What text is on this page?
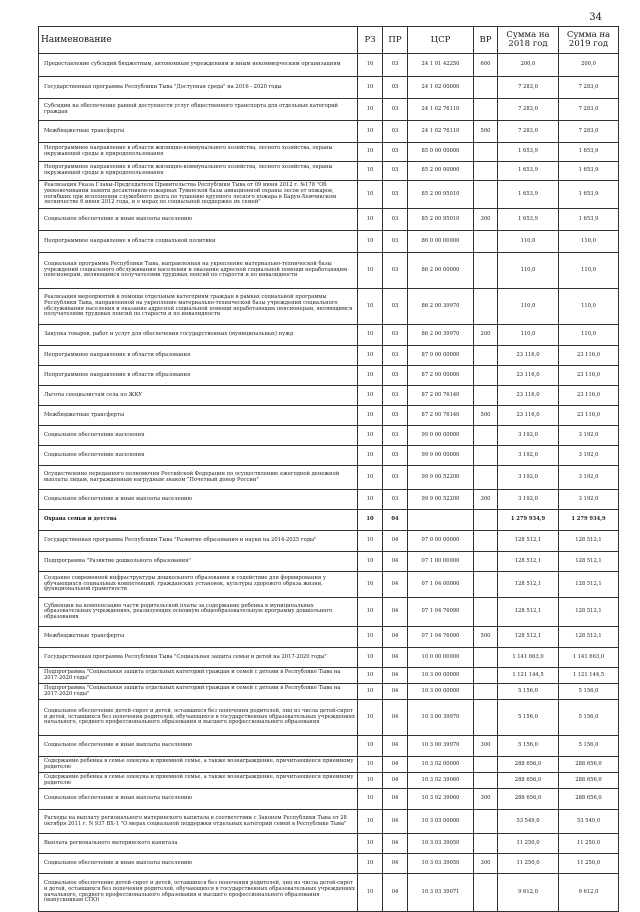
34
Наименование	РЗ	ПР	ЦСР	ВР	Сумма на 2018 год	Сумма на 2019 год
Предоставление субсидий бюджетным, автономным учреждениям и иным некоммерческим организациям	10	03	24 1 01 42250	600	200,0	200,0
Государственная программа Республики Тыва "Доступная среда" на 2016 - 2020 годы	10	03	24 1 02 00000		7 283,0	7 283,0
Субсидии на обеспечение равной доступности услуг общественного транспорта для отдельных категорий граждан	10	03	24 1 02 76110		7 283,0	7 283,0
Межбюджетные трансферты	10	03	24 1 02 76110	500	7 283,0	7 283,0
Непрограммное направление в области жилищно-коммунального хозяйства, лесного хозяйства, охраны окружающей среды и природопользования	10	03	85 0 00 00000		1 653,9	1 653,9
Непрограммное направление в области жилищно-коммунального хозяйства, лесного хозяйства, охраны окружающей среды и природопользования	10	03	85 2 00 00000		1 653,9	1 653,9
Реализация Указа Главы-Председателя Правительства Республики Тыва от 09 июня 2012 г. №178 "Об увековечивании памяти десантников-пожарных Тувинской базы авиационной охраны лесов от пожаров, погибших при исполнении служебного долга по тушению крупного лесного пожара в Барун-Хемчикском лесничестве 6 июня 2012 года, и о мерах по социальной поддержке их семей"	10	03	85 2 00 95010		1 653,9	1 653,9
Социальное обеспечение и иные выплаты населению	10	03	85 2 00 95010	300	1 653,9	1 653,9
Непрограммное направление в области социальной политики	10	03	86 0 00 00000		110,0	110,0
Социальная программа Республики Тыва, направленная на укрепление материально-технической базы учреждений социального обслуживания населения и оказание адресной социальной помощи неработающим пенсионерам, являющимся получателями трудовых пенсий по старости и по инвалидности	10	03	86 2 00 00000		110,0	110,0
Реализация мероприятий в помощи отдельным категориям граждан в рамках социальной программы Республики Тыва, направленной на укрепление материально-технической базы учреждений социального обслуживания населения и оказание адресной социальной помощи неработающим пенсионерам, являющимся получателями трудовых пенсий по старости и по инвалидности	10	03	86 2 00 39970		110,0	110,0
Закупка товаров, работ и услуг для обеспечения государственных (муниципальных) нужд	10	03	86 2 00 39970	200	110,0	110,0
Непрограммное направление в области образования	10	03	87 0 00 00000		23 116,0	23 116,0
Непрограммное направление в области образования	10	03	87 2 00 00000		23 116,0	23 116,0
Льготы специалистам села по ЖКУ	10	03	87 2 00 76140		23 116,0	23 116,0
Межбюджетные трансферты	10	03	87 2 00 76140	500	23 116,0	23 116,0
Социальное обеспечение населения	10	03	99 0 00 00000		3 192,0	3 192,0
Социальное обеспечение населения	10	03	99 9 00 00000		3 192,0	3 192,0
Осуществление переданного полномочия Российской Федерации по осуществлению ежегодной денежной выплаты лицам, награжденным нагрудным знаком "Почетный донор России"	10	03	99 9 00 52200		3 192,0	3 192,0
Социальное обеспечение и иные выплаты населению	10	03	99 9 00 52200	300	3 192,0	3 192,0
Охрана семьи и детства	10	04			1 279 934,9	1 279 934,9
Государственная программа Республики Тыва "Развитие образования и науки на 2014-2025 годы"	10	04	07 0 00 00000		128 512,1	128 512,1
Подпрограмма "Развитие дошкольного образования"	10	04	07 1 00 00000		128 512,1	128 512,1
Создание современной инфраструктуры дошкольного образования и содействие для формирования у обучающихся социальных компетенций, гражданских установок, культуры здорового образа жизни, функциональной грамотности	10	04	07 1 04 00000		128 512,1	128 512,1
Субвенции на компенсацию части родительской платы за содержание ребенка в муниципальных образовательных учреждениях, реализующих основную общеобразовательную программу дошкольного образования	10	04	07 1 04 76090		128 512,1	128 512,1
Межбюджетные трансферты	10	04	07 1 04 76090	500	128 512,1	128 512,1
Государственная программа Республики Тыва "Социальная защита семьи и детей на 2017-2020 годы"	10	04	10 0 00 00000		1 141 663,0	1 141 663,0
Подпрограмма "Социальная защита отдельных категорий граждан и семей с детьми в Республике Тыва на 2017-2020 годы"	10	04	10 3 00 00000		1 121 144,5	1 121 144,5
Подпрограмма "Социальная защита отдельных категорий граждан и семей с детьми в Республике Тыва на 2017-2020 годы"	10	04	10 3 00 00000		5 156,0	5 156,0
Социальное обеспечение детей-сирот и детей, оставшихся без попечения родителей, лиц из числа детей-сирот и детей, оставшихся без попечения родителей, обучающихся в государственных образовательных учреждениях начального, среднего профессионального образования и высшего профессионального образования	10	04	10 3 00 39970		5 156,0	5 156,0
Социальное обеспечение и иные выплаты населению	10	04	10 3 00 39970	300	5 156,0	5 156,0
Содержание ребенка в семье опекуна и приемной семье, а также вознаграждение, причитающееся приемному родителю	10	04	10 3 02 00000		288 656,0	288 656,0
Содержание ребенка в семье опекуна и приемной семье, а также вознаграждение, причитающееся приемному родителю	10	04	10 3 02 39060		288 656,0	288 656,0
Социальное обеспечение и иные выплаты населению	10	04	10 3 02 39060	300	288 656,0	288 656,0
Расходы на выплату регионального материнского капитала в соответствии с Законом Республики Тыва от 28 октября 2011 г. N 937 ВХ-1 "О мерах социальной поддержки отдельных категорий семей в Республике Тыва"	10	04	10 3 03 00000		53 549,0	53 549,0
Выплата регионального материнского капитала	10	04	10 3 03 39050		11 250,0	11 250,0
Социальное обеспечение и иные выплаты населению	10	04	10 3 03 39050	300	11 250,0	11 250,0
Социальное обеспечение детей-сирот и детей, оставшихся без попечения родителей, лиц из числа детей-сирот и детей, оставшихся без попечения родителей, обучающихся в государственных образовательных учреждениях начального, среднего профессионального образования и высшего профессионального образования (выпускникам СПО)	10	04	10 3 03 39071		9 612,0	9 612,0
